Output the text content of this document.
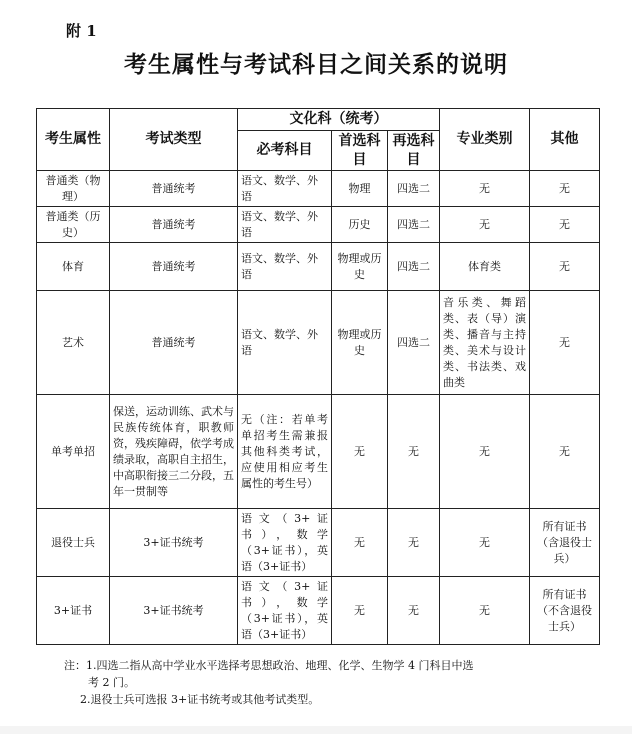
附 1
考生属性与考试科目之间关系的说明
考生属性	考试类型	文化科（统考）			专业类别	其他
		必考科目	首选科目	再选科目		
普通类（物理）	普通统考	语文、数学、外语	物理	四选二	无	无
普通类（历史）	普通统考	语文、数学、外语	历史	四选二	无	无
体育	普通统考	语文、数学、外语	物理或历史	四选二	体育类	无
艺术	普通统考	语文、数学、外语	物理或历史	四选二	音乐类、舞蹈类、表（导）演类、播音与主持类、美术与设计类、书法类、戏曲类	无
单考单招	保送，运动训练、武术与民族传统体育，职教师资，残疾障碍，依学考成绩录取，高职自主招生，中高职衔接三二分段，五年一贯制等	无（注：若单考单招考生需兼报其他科类考试，应使用相应考生属性的考生号）	无	无	无	无
退役士兵	3+证书统考	语文（3+证书），数学（3+证书），英语（3+证书）	无	无	无	所有证书（含退役士兵）
3+证书	3+证书统考	语文（3+证书），数学（3+证书），英语（3+证书）	无	无	无	所有证书（不含退役士兵）
注：1.四选二指从高中学业水平选择考思想政治、地理、化学、生物学 4 门科目中选
考 2 门。
2.退役士兵可选报 3+证书统考或其他考试类型。
